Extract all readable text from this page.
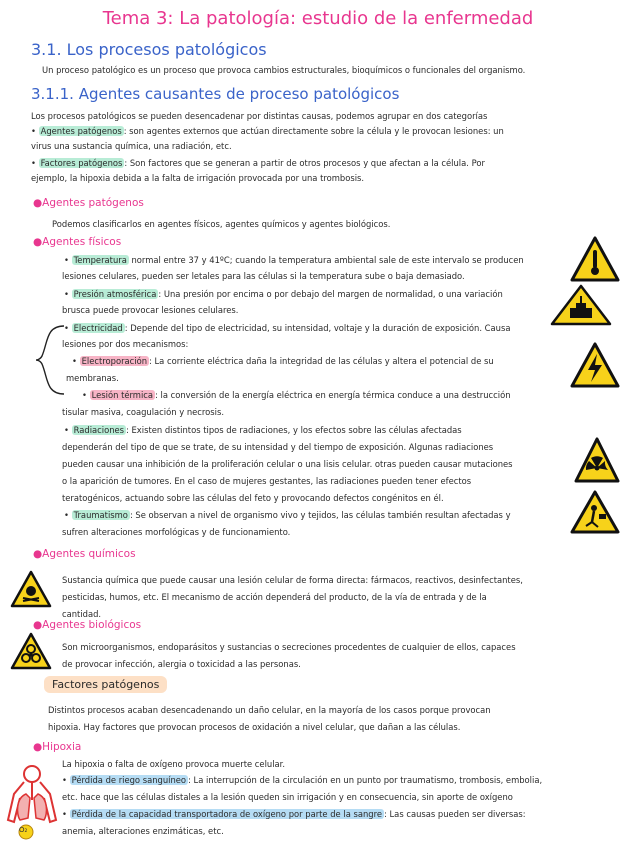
Tema 3: La patología: estudio de la enfermedad
3.1. Los procesos patológicos
Un proceso patológico es un proceso que provoca cambios estructurales, bioquímicos o funcionales del organismo.
3.1.1. Agentes causantes de proceso patológicos
Los procesos patológicos se pueden desencadenar por distintas causas, podemos agrupar en dos categorías
• Agentes patógenos : son agentes externos que actúan directamente sobre la célula y le provocan lesiones: un
virus una sustancia química, una radiación, etc.
• Factores patógenos : Son factores que se generan a partir de otros procesos y que afectan a la célula. Por
ejemplo, la hipoxia debida a la falta de irrigación provocada por una trombosis.
●Agentes patógenos
Podemos clasificarlos en agentes físicos, agentes químicos y agentes biológicos.
●Agentes físicos
• Temperatura normal entre 37 y 41ºC; cuando la temperatura ambiental sale de este intervalo se producen
lesiones celulares, pueden ser letales para las células si la temperatura sube o baja demasiado.
• Presión atmosférica : Una presión por encima o por debajo del margen de normalidad, o una variación
brusca puede provocar lesiones celulares.
• Electricidad : Depende del tipo de electricidad, su intensidad, voltaje y la duración de exposición. Causa
lesiones por dos mecanismos:
• Electroporación : La corriente eléctrica daña la integridad de las células y altera el potencial de su
membranas.
• Lesión térmica : la conversión de la energía eléctrica en energía térmica conduce a una destrucción
tisular masiva, coagulación y necrosis.
• Radiaciones : Existen distintos tipos de radiaciones, y los efectos sobre las células afectadas
dependerán del tipo de que se trate, de su intensidad y del tiempo de exposición. Algunas radiaciones
pueden causar una inhibición de la proliferación celular o una lisis celular. otras pueden causar mutaciones
o la aparición de tumores. En el caso de mujeres gestantes, las radiaciones pueden tener efectos
teratogénicos, actuando sobre las células del feto y provocando defectos congénitos en él.
• Traumatismo : Se observan a nivel de organismo vivo y tejidos, las células también resultan afectadas y
sufren alteraciones morfológicas y de funcionamiento.
●Agentes químicos
Sustancia química que puede causar una lesión celular de forma directa: fármacos, reactivos, desinfectantes,
pesticidas, humos, etc. El mecanismo de acción dependerá del producto, de la vía de entrada y de la
cantidad.
●Agentes biológicos
Son microorganismos, endoparásitos y sustancias o secreciones procedentes de cualquier de ellos, capaces
de provocar infección, alergia o toxicidad a las personas.
Factores patógenos
Distintos procesos acaban desencadenando un daño celular, en la mayoría de los casos porque provocan
hipoxia. Hay factores que provocan procesos de oxidación a nivel celular, que dañan a las células.
●Hipoxia
La hipoxia o falta de oxígeno provoca muerte celular.
• Pérdida de riego sanguíneo : La interrupción de la circulación en un punto por traumatismo, trombosis, embolia,
etc. hace que las células distales a la lesión queden sin irrigación y en consecuencia, sin aporte de oxígeno
• Pérdida de la capacidad transportadora de oxígeno por parte de la sangre : Las causas pueden ser diversas:
anemia, alteraciones enzimáticas, etc.
O₂
